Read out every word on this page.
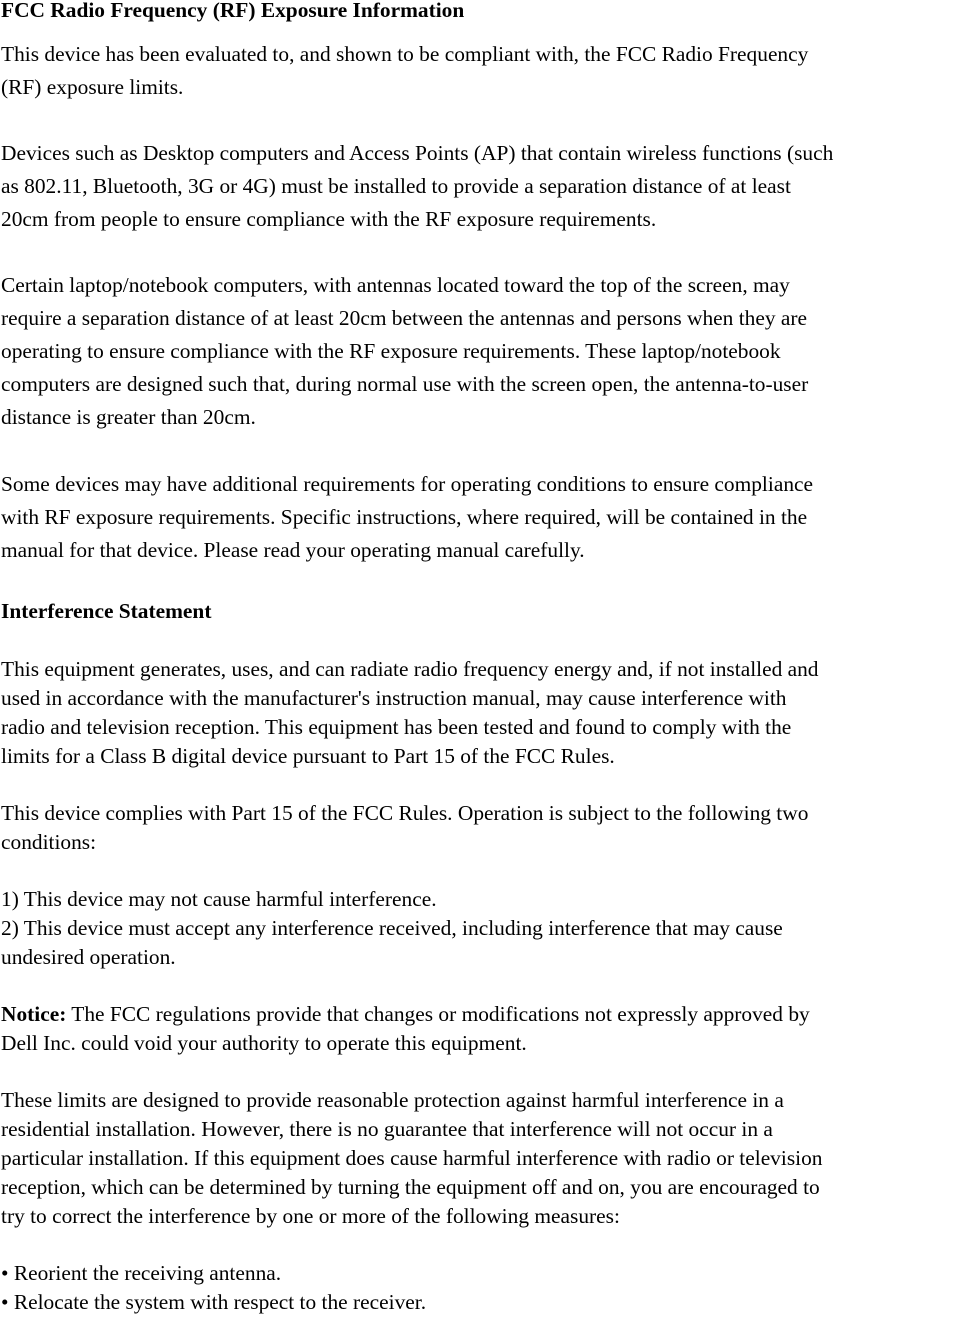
FCC Radio Frequency (RF) Exposure Information
This device has been evaluated to, and shown to be compliant with, the FCC Radio Frequency
(RF) exposure limits.
Devices such as Desktop computers and Access Points (AP) that contain wireless functions (such
as 802.11, Bluetooth, 3G or 4G) must be installed to provide a separation distance of at least
20cm from people to ensure compliance with the RF exposure requirements.
Certain laptop/notebook computers, with antennas located toward the top of the screen, may
require a separation distance of at least 20cm between the antennas and persons when they are
operating to ensure compliance with the RF exposure requirements. These laptop/notebook
computers are designed such that, during normal use with the screen open, the antenna-to-user
distance is greater than 20cm.
Some devices may have additional requirements for operating conditions to ensure compliance
with RF exposure requirements. Specific instructions, where required, will be contained in the
manual for that device. Please read your operating manual carefully.
Interference Statement
This equipment generates, uses, and can radiate radio frequency energy and, if not installed and
used in accordance with the manufacturer's instruction manual, may cause interference with
radio and television reception. This equipment has been tested and found to comply with the
limits for a Class B digital device pursuant to Part 15 of the FCC Rules.
This device complies with Part 15 of the FCC Rules. Operation is subject to the following two
conditions:
1) This device may not cause harmful interference.
2) This device must accept any interference received, including interference that may cause
undesired operation.
Notice: The FCC regulations provide that changes or modifications not expressly approved by
Dell Inc. could void your authority to operate this equipment.
These limits are designed to provide reasonable protection against harmful interference in a
residential installation. However, there is no guarantee that interference will not occur in a
particular installation. If this equipment does cause harmful interference with radio or television
reception, which can be determined by turning the equipment off and on, you are encouraged to
try to correct the interference by one or more of the following measures:
• Reorient the receiving antenna.
• Relocate the system with respect to the receiver.
